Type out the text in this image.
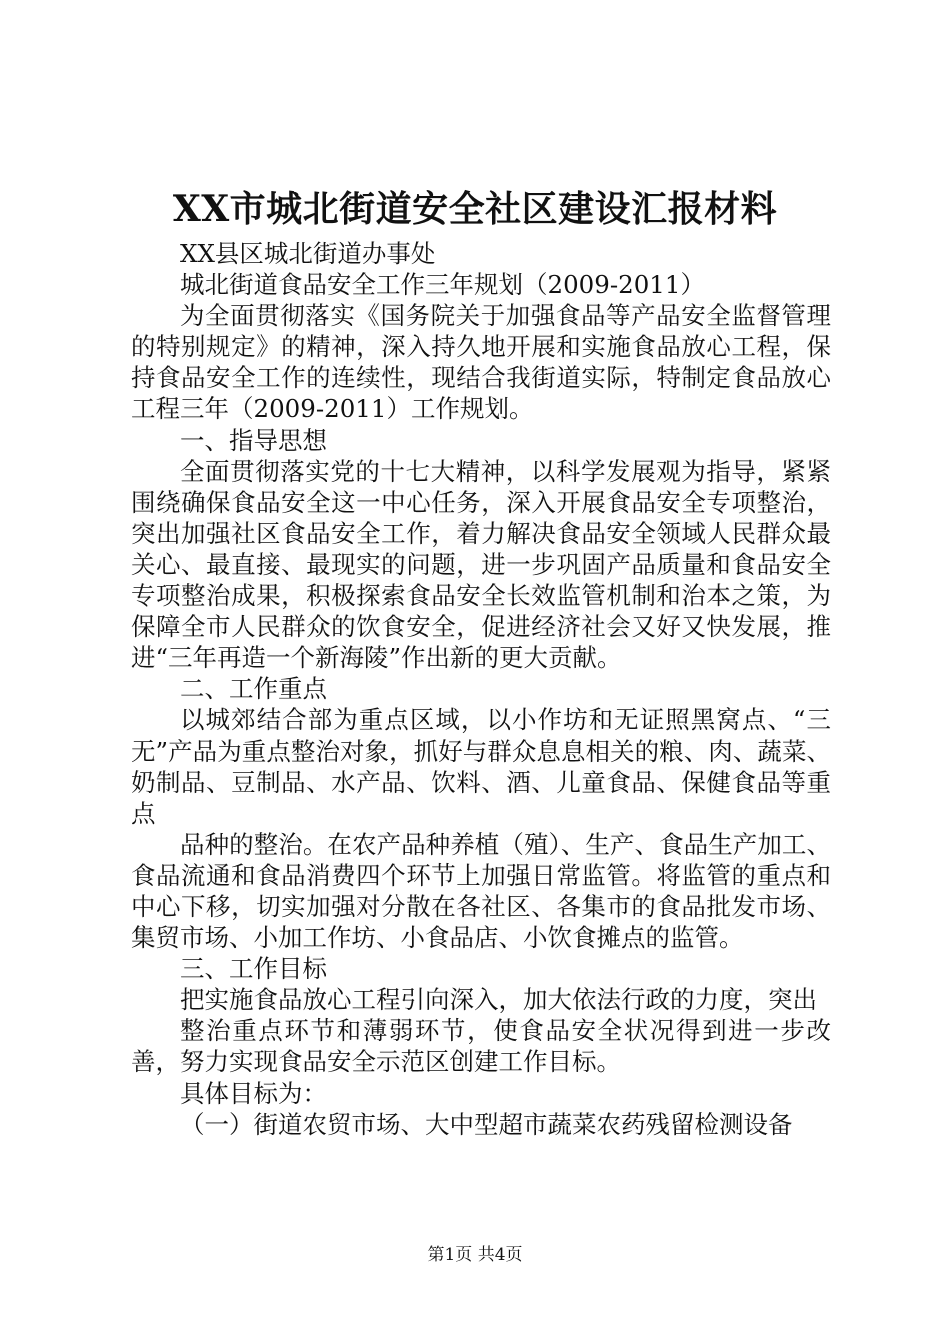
XX市城北街道安全社区建设汇报材料

XX县区城北街道办事处

城北街道食品安全工作三年规划（2009-2011）

为全面贯彻落实《国务院关于加强食品等产品安全监督管理的特别规定》的精神，深入持久地开展和实施食品放心工程，保持食品安全工作的连续性，现结合我街道实际，特制定食品放心工程三年（2009-2011）工作规划。

一、指导思想

全面贯彻落实党的十七大精神，以科学发展观为指导，紧紧围绕确保食品安全这一中心任务，深入开展食品安全专项整治，突出加强社区食品安全工作，着力解决食品安全领域人民群众最关心、最直接、最现实的问题，进一步巩固产品质量和食品安全专项整治成果，积极探索食品安全长效监管机制和治本之策，为保障全市人民群众的饮食安全，促进经济社会又好又快发展，推进“三年再造一个新海陵”作出新的更大贡献。

二、工作重点

以城郊结合部为重点区域，以小作坊和无证照黑窝点、“三无”产品为重点整治对象，抓好与群众息息相关的粮、肉、蔬菜、奶制品、豆制品、水产品、饮料、酒、儿童食品、保健食品等重点

品种的整治。在农产品种养植（殖）、生产、食品生产加工、食品流通和食品消费四个环节上加强日常监管。将监管的重点和中心下移，切实加强对分散在各社区、各集市的食品批发市场、集贸市场、小加工作坊、小食品店、小饮食摊点的监管。

三、工作目标

把实施食品放心工程引向深入，加大依法行政的力度，突出

整治重点环节和薄弱环节，使食品安全状况得到进一步改善，努力实现食品安全示范区创建工作目标。

具体目标为：

（一）街道农贸市场、大中型超市蔬菜农药残留检测设备

第1页 共4页
